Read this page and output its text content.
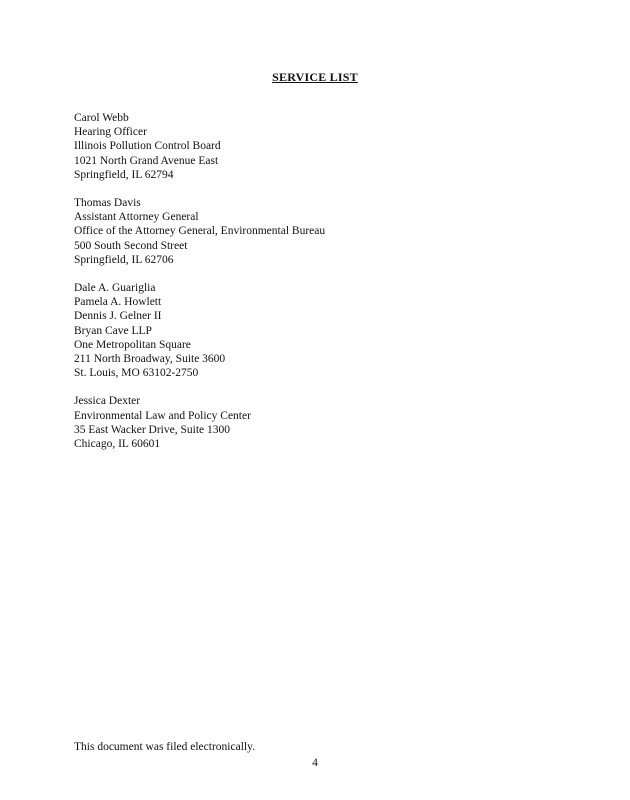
SERVICE LIST
Carol Webb
Hearing Officer
Illinois Pollution Control Board
1021 North Grand Avenue East
Springfield, IL 62794
Thomas Davis
Assistant Attorney General
Office of the Attorney General, Environmental Bureau
500 South Second Street
Springfield, IL 62706
Dale A. Guariglia
Pamela A. Howlett
Dennis J. Gelner II
Bryan Cave LLP
One Metropolitan Square
211 North Broadway, Suite 3600
St. Louis, MO 63102-2750
Jessica Dexter
Environmental Law and Policy Center
35 East Wacker Drive, Suite 1300
Chicago, IL 60601
This document was filed electronically.
4
